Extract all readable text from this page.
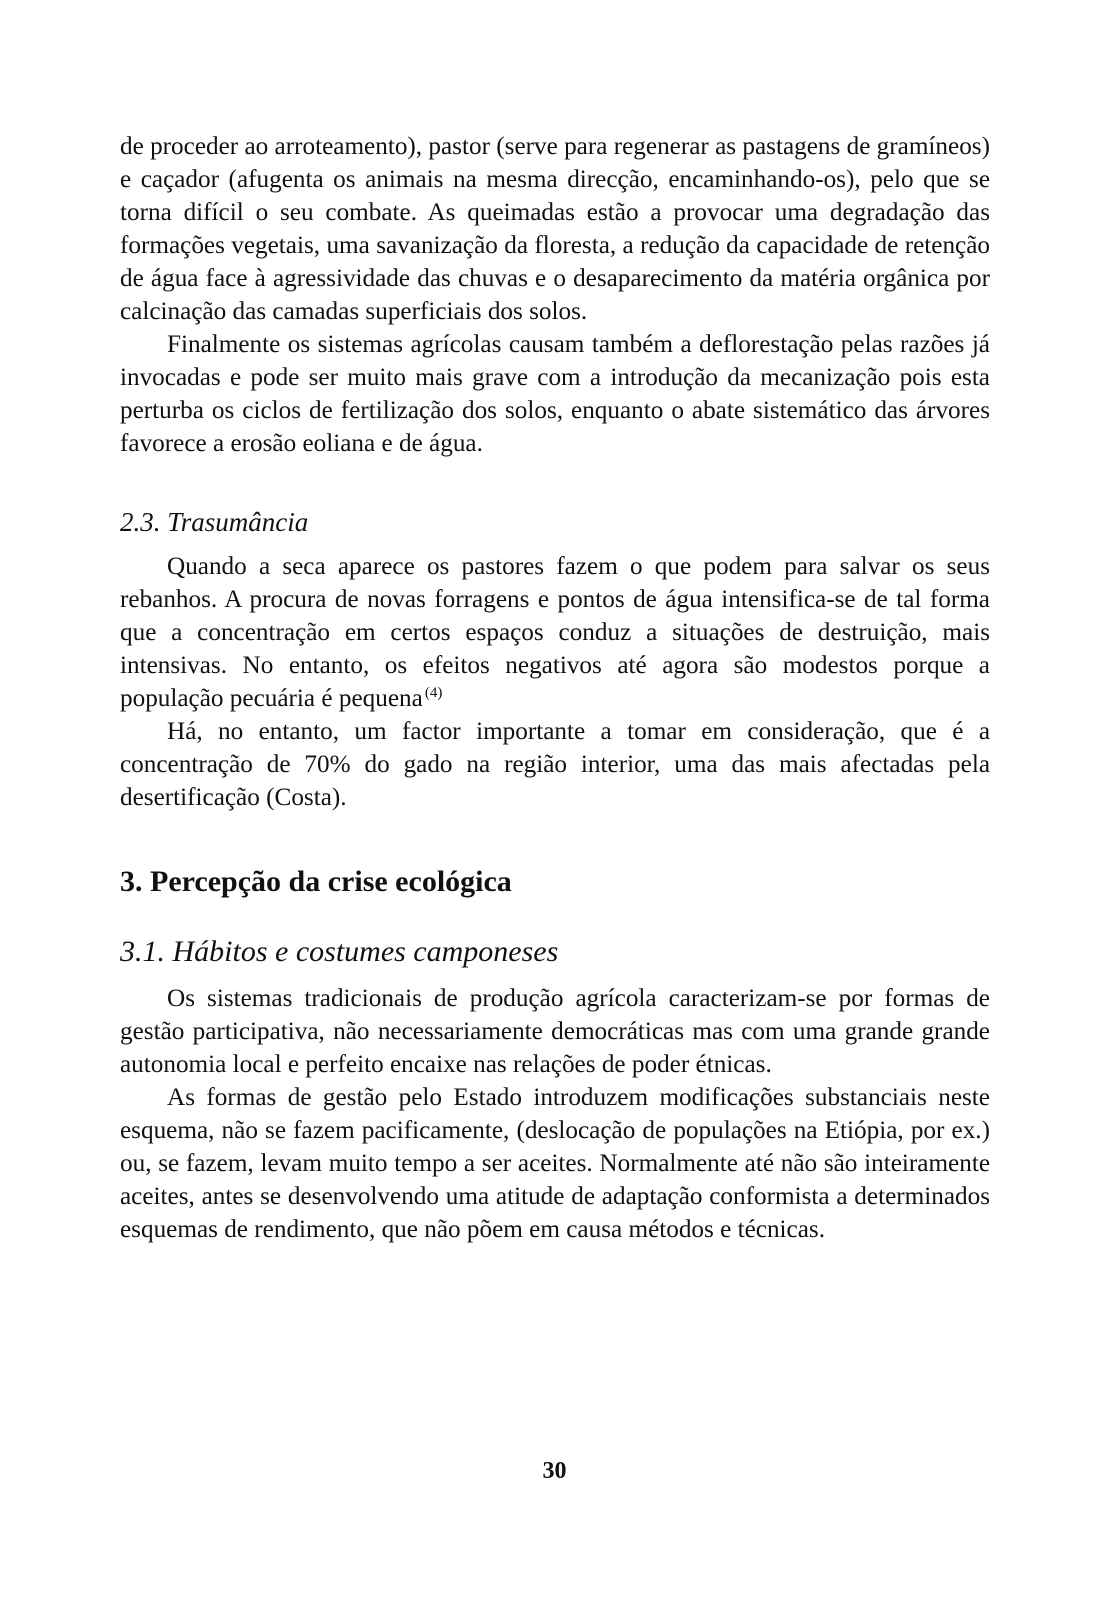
de proceder ao arroteamento), pastor (serve para regenerar as pastagens de gramíneos) e caçador (afugenta os animais na mesma direcção, encaminhando-os), pelo que se torna difícil o seu combate. As queimadas estão a provocar uma degradação das formações vegetais, uma savanização da floresta, a redução da capacidade de retenção de água face à agressividade das chuvas e o desaparecimento da matéria orgânica por calcinação das camadas superficiais dos solos.

Finalmente os sistemas agrícolas causam também a deflorestação pelas razões já invocadas e pode ser muito mais grave com a introdução da mecanização pois esta perturba os ciclos de fertilização dos solos, enquanto o abate sistemático das árvores favorece a erosão eoliana e de água.

2.3. Trasumância

Quando a seca aparece os pastores fazem o que podem para salvar os seus rebanhos. A procura de novas forragens e pontos de água intensifica-se de tal forma que a concentração em certos espaços conduz a situações de destruição, mais intensivas. No entanto, os efeitos negativos até agora são modestos porque a população pecuária é pequena  $^{(4)}$

Há, no entanto, um factor importante a tomar em consideração, que é a concentração de 70% do gado na região interior, uma das mais afectadas pela desertificação (Costa).

3. Percepção da crise ecológica
3.1. Hábitos e costumes camponeses

Os sistemas tradicionais de produção agrícola caracterizam-se por formas de gestão participativa, não necessariamente democráticas mas com uma grande grande autonomia local e perfeito encaixe nas relações de poder étnicas.

As formas de gestão pelo Estado introduzem modificações substanciais neste esquema, não se fazem pacificamente, (deslocação de populações na Etiópia, por ex.) ou, se fazem, levam muito tempo a ser aceites. Normalmente até não são inteiramente aceites, antes se desenvolvendo uma atitude de adaptação conformista a determinados esquemas de rendimento, que não põem em causa métodos e técnicas.

30
